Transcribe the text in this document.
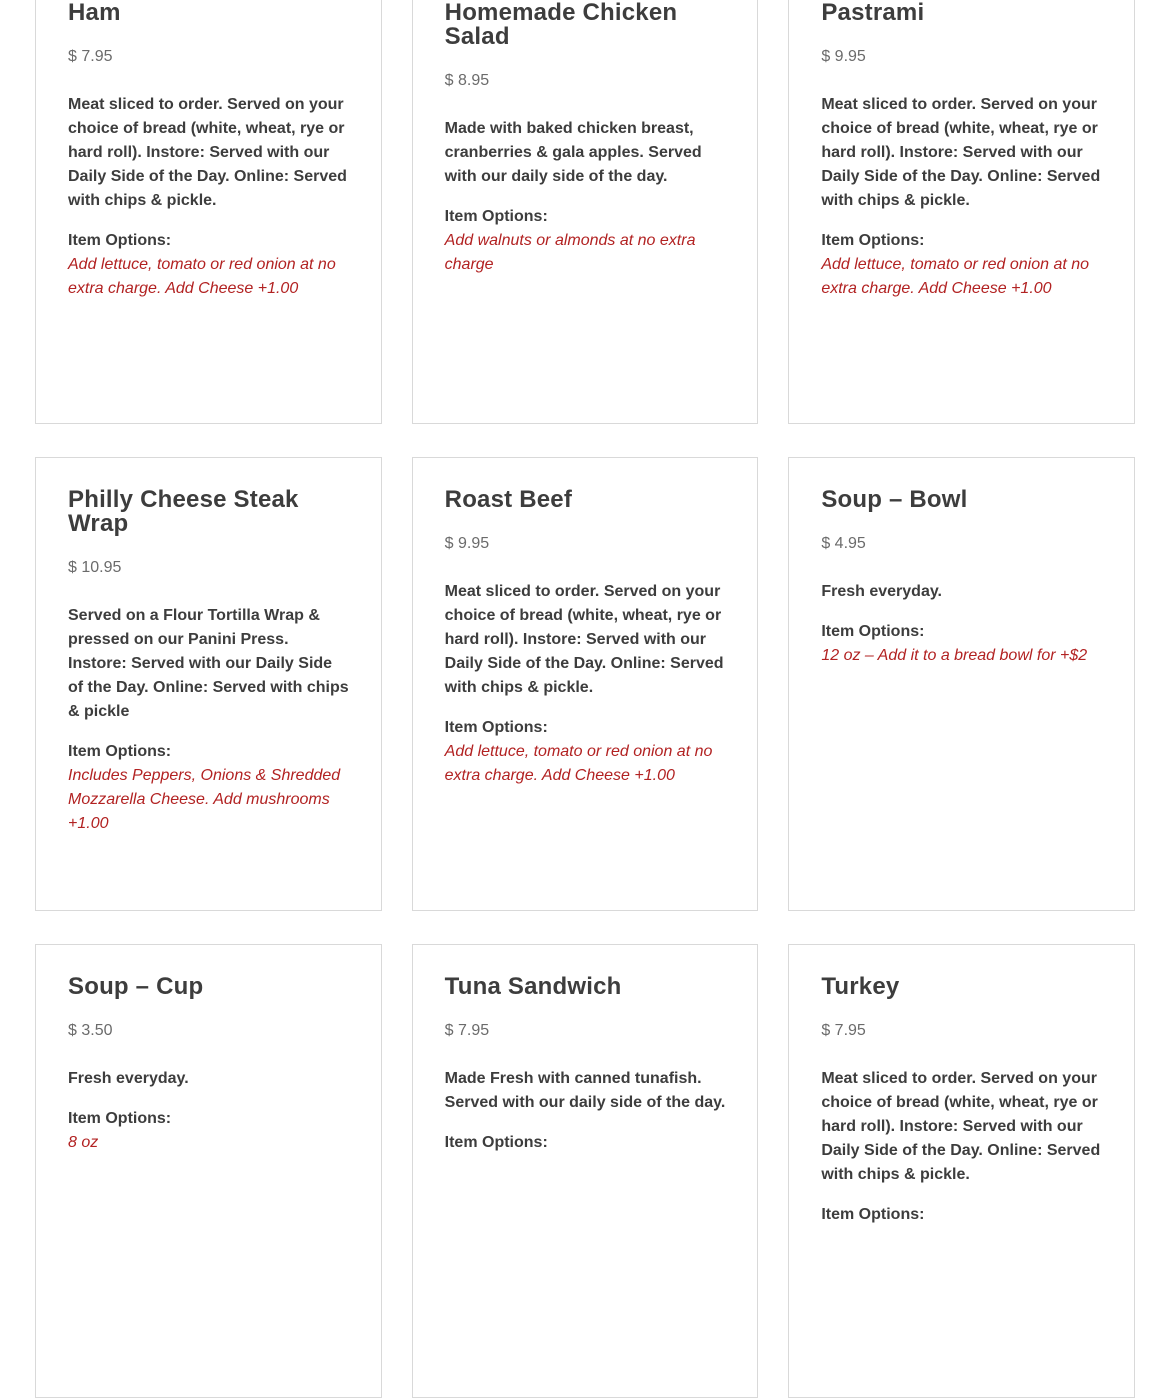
Ham
$ 7.95

Meat sliced to order. Served on your choice of bread (white, wheat, rye or hard roll). Instore: Served with our Daily Side of the Day. Online: Served with chips & pickle.

Item Options:

Add lettuce, tomato or red onion at no extra charge. Add Cheese +1.00

Homemade Chicken Salad
$ 8.95

Made with baked chicken breast, cranberries & gala apples. Served with our daily side of the day.

Item Options:

Add walnuts or almonds at no extra charge

Pastrami
$ 9.95

Meat sliced to order. Served on your choice of bread (white, wheat, rye or hard roll). Instore: Served with our Daily Side of the Day. Online: Served with chips & pickle.

Item Options:

Add lettuce, tomato or red onion at no extra charge. Add Cheese +1.00

Philly Cheese Steak Wrap
$ 10.95

Served on a Flour Tortilla Wrap & pressed on our Panini Press. Instore: Served with our Daily Side of the Day. Online: Served with chips & pickle

Item Options:

Includes Peppers, Onions & Shredded Mozzarella Cheese. Add mushrooms +1.00

Roast Beef
$ 9.95

Meat sliced to order. Served on your choice of bread (white, wheat, rye or hard roll). Instore: Served with our Daily Side of the Day. Online: Served with chips & pickle.

Item Options:

Add lettuce, tomato or red onion at no extra charge. Add Cheese +1.00

Soup – Bowl
$ 4.95

Fresh everyday.

Item Options:

12 oz – Add it to a bread bowl for +$2

Soup – Cup
$ 3.50

Fresh everyday.

Item Options:

8 oz

Tuna Sandwich
$ 7.95

Made Fresh with canned tunafish. Served with our daily side of the day.

Item Options:

Turkey
$ 7.95

Meat sliced to order. Served on your choice of bread (white, wheat, rye or hard roll). Instore: Served with our Daily Side of the Day. Online: Served with chips & pickle.

Item Options:
